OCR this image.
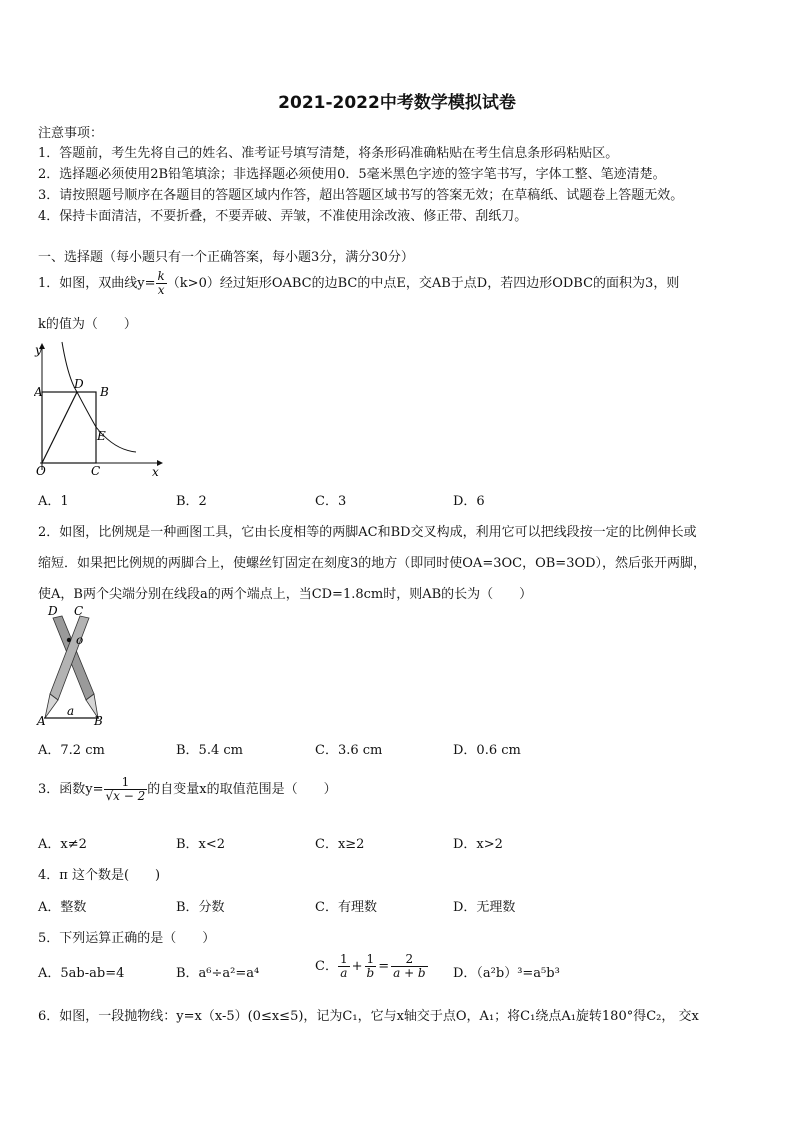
2021-2022中考数学模拟试卷
注意事项：
1．答题前，考生先将自己的姓名、准考证号填写清楚，将条形码准确粘贴在考生信息条形码粘贴区。
2．选择题必须使用2B铅笔填涂；非选择题必须使用0．5毫米黑色字迹的签字笔书写，字体工整、笔迹清楚。
3．请按照题号顺序在各题目的答题区域内作答，超出答题区域书写的答案无效；在草稿纸、试题卷上答题无效。
4．保持卡面清洁，不要折叠，不要弄破、弄皱，不准使用涂改液、修正带、刮纸刀。
一、选择题（每小题只有一个正确答案，每小题3分，满分30分）
1．如图，双曲线$y= \frac{k}{x} (k>0)$经过矩形OABC的边BC的中点E，交AB于点D，若四边形ODBC的面积为3，则
k的值为（　　）
y
x
A
D
B
E
O	C
A．1	B．2	C．3	D．6
2．如图，比例规是一种画图工具，它由长度相等的两脚AC和BD交叉构成，利用它可以把线段按一定的比例伸长或
缩短．如果把比例规的两脚合上，使螺丝钉固定在刻度3的地方（即同时使OA=3OC，OB=3OD），然后张开两脚，
使A，B两个尖端分别在线段a的两个端点上，当CD=1.8cm时，则AB的长为（　　）
D C
o
a
A	B
A．7.2 cm	B．5.4 cm	C．3.6 cm	D．0.6 cm
3．函数$y= \frac{1}{√x - 2}$ 的自变量x的取值范围是（　　）
A．x≠2	B．x<2	C．x≥2	D．x>2
4．π 这个数是(　　)
A．整数	B．分数	C．有理数	D．无理数
5．下列运算正确的是（　　）
A．5ab-ab=4	B．a⁶÷a²=a⁴	C． $\frac{1}{a} + \frac{1}{b} = \frac{2}{a + b}$ D．（a²b）³=a⁵b³
6．如图，一段抛物线：y=x（x-5）(0≤x≤5)，记为C₁，它与x轴交于点O，A₁；将C₁绕点A₁旋转180°得C₂， 交x
